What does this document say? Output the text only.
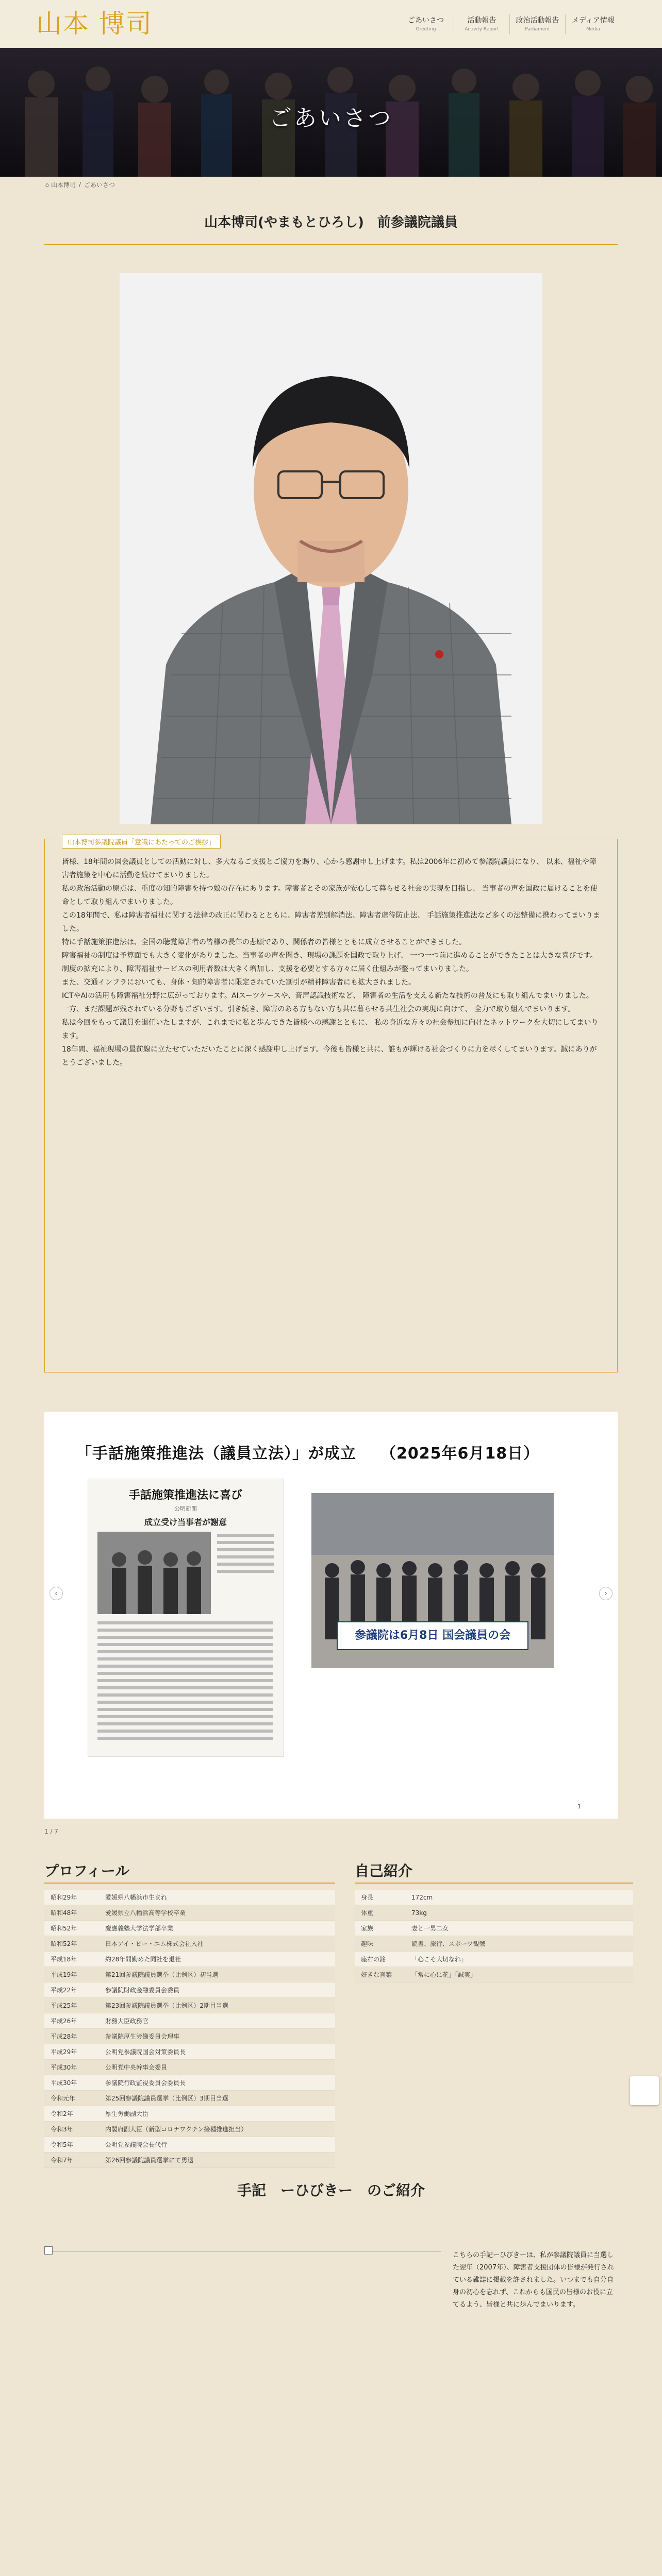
山本 博司	ごあいさつ
Greeting
活動報告
Activity Report
政治活動報告
Parliament
メディア情報
Media
ごあいさつ
⌂ 山本博司 / ごあいさつ
山本博司(やまもとひろし)　前参議院議員
山本博司参議院議員「意識にあたってのご挨拶」

皆様、18年間の国会議員としての活動に対し、多大なるご支援とご協力を賜り、心から感謝申し上げます。私は2006年に初めて参議院議員になり、 以来、福祉や障害者施策を中心に活動を続けてまいりました。

私の政治活動の原点は、重度の知的障害を持つ娘の存在にあります。障害者とその家族が安心して暮らせる社会の実現を目指し、 当事者の声を国政に届けることを使命として取り組んでまいりました。

この18年間で、私は障害者福祉に関する法律の改正に関わるとともに、障害者差別解消法、障害者虐待防止法、 手話施策推進法など多くの法整備に携わってまいりました。

特に手話施策推進法は、全国の聴覚障害者の皆様の長年の悲願であり、関係者の皆様とともに成立させることができました。

障害福祉の制度は予算面でも大きく変化がありました。当事者の声を聞き、現場の課題を国政で取り上げ、 一つ一つ前に進めることができたことは大きな喜びです。

制度の拡充により、障害福祉サービスの利用者数は大きく増加し、支援を必要とする方々に届く仕組みが整ってまいりました。

また、交通インフラにおいても、身体・知的障害者に限定されていた割引が精神障害者にも拡大されました。

ICTやAIの活用も障害福祉分野に広がっております。AIスーツケースや、音声認識技術など、 障害者の生活を支える新たな技術の普及にも取り組んでまいりました。

一方、まだ課題が残されている分野もございます。引き続き、障害のある方もない方も共に暮らせる共生社会の実現に向けて、 全力で取り組んでまいります。

私は今回をもって議員を退任いたしますが、これまでに私と歩んできた皆様への感謝とともに、 私の身近な方々の社会参加に向けたネットワークを大切にしてまいります。

18年間、福祉現場の最前線に立たせていただいたことに深く感謝申し上げます。今後も皆様と共に、誰もが輝ける社会づくりに力を尽くしてまいります。誠にありがとうございました。

‹	›
「手話施策推進法（議員立法）」が成立　　（2025年6月18日）
手話施策推進法に喜び
公明新聞
成立受け当事者が謝意
参議院は6月8日 国会議員の会
1
1 / 7
プロフィール
昭和29年	愛媛県八幡浜市生まれ
昭和48年	愛媛県立八幡浜高等学校卒業
昭和52年	慶應義塾大学法学部卒業
昭和52年	日本アイ・ビー・エム株式会社入社
平成18年	約28年間勤めた同社を退社
平成19年	第21回参議院議員選挙（比例区）初当選
平成22年	参議院財政金融委員会委員
平成25年	第23回参議院議員選挙（比例区）2期目当選
平成26年	財務大臣政務官
平成28年	参議院厚生労働委員会理事
平成29年	公明党参議院国会対策委員長
平成30年	公明党中央幹事会委員
平成30年	参議院行政監視委員会委員長
令和元年	第25回参議院議員選挙（比例区）3期目当選
令和2年	厚生労働副大臣
令和3年	内閣府副大臣（新型コロナワクチン接種推進担当）
令和5年	公明党参議院会長代行
令和7年	第26回参議院議員選挙にて勇退
自己紹介
身長	172cm
体重	73kg
家族	妻と一男二女
趣味	読書、旅行、スポーツ観戦
座右の銘	「心こそ大切なれ」
好きな言葉	「常に心に花」「誠実」
手記　ーひびきー　のご紹介
こちらの手記ーひびきーは、私が参議院議員に当選した翌年（2007年）、障害者支援団体の皆様が発行されている雑誌に掲載を許されました。いつまでも自分自身の初心を忘れず、これからも国民の皆様のお役に立てるよう、皆様と共に歩んでまいります。
